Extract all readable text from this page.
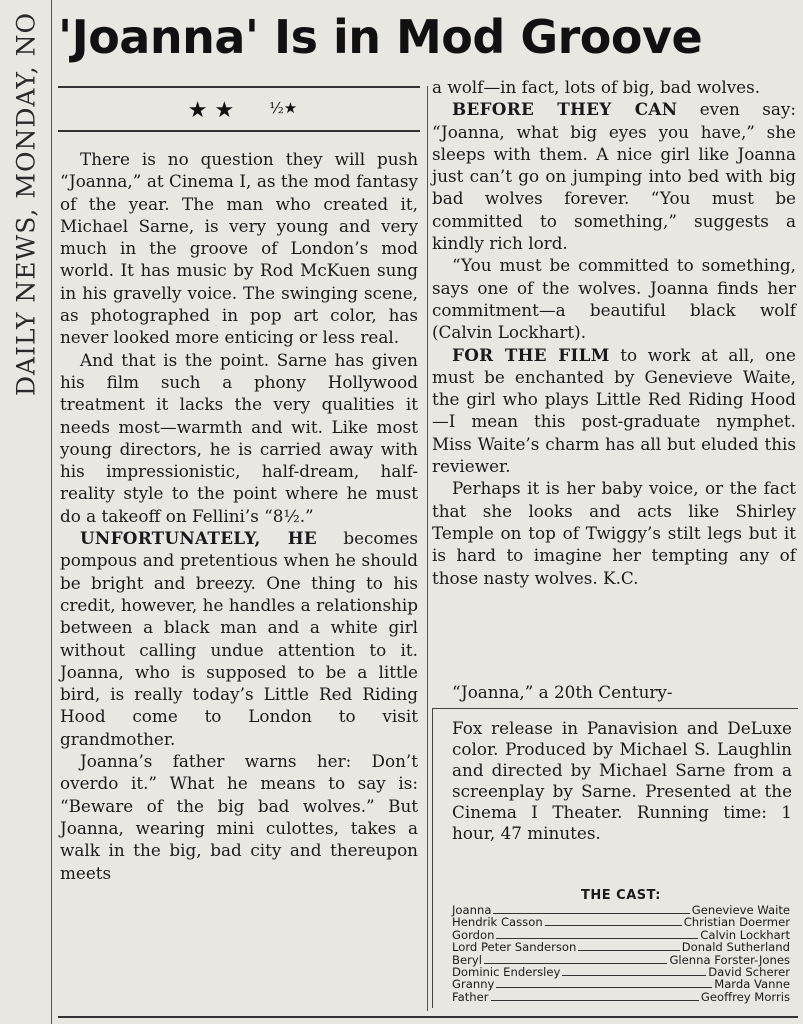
DAILY NEWS, MONDAY, NO 'Joanna' Is in Mod Groove
★ ★ ½★

There is no question they will push “Joanna,” at Cinema I, as the mod fantasy of the year. The man who created it, Michael Sarne, is very young and very much in the groove of London’s mod world. It has music by Rod McKuen sung in his gravelly voice. The swinging scene, as photographed in pop art color, has never looked more enticing or less real.

And that is the point. Sarne has given his film such a phony Hollywood treatment it lacks the very qualities it needs most—warmth and wit. Like most young directors, he is carried away with his impressionistic, half-dream, half-reality style to the point where he must do a takeoff on Fellini’s “8½.”

UNFORTUNATELY, HE becomes pompous and pretentious when he should be bright and breezy. One thing to his credit, however, he handles a relationship between a black man and a white girl without calling undue attention to it. Joanna, who is supposed to be a little bird, is really today’s Little Red Riding Hood come to London to visit grandmother.

Joanna’s father warns her: Don’t overdo it.” What he means to say is: “Beware of the big bad wolves.” But Joanna, wearing mini culottes, takes a walk in the big, bad city and thereupon meets

a wolf—in fact, lots of big, bad wolves.

BEFORE THEY CAN even say: “Joanna, what big eyes you have,” she sleeps with them. A nice girl like Joanna just can’t go on jumping into bed with big bad wolves forever. “You must be committed to something,” suggests a kindly rich lord.

“You must be committed to something, says one of the wolves. Joanna finds her commitment—a beautiful black wolf (Calvin Lockhart).

FOR THE FILM to work at all, one must be enchanted by Genevieve Waite, the girl who plays Little Red Riding Hood—I mean this post-graduate nymphet. Miss Waite’s charm has all but eluded this reviewer.

Perhaps it is her baby voice, or the fact that she looks and acts like Shirley Temple on top of Twiggy’s stilt legs but it is hard to imagine her tempting any of those nasty wolves. K.C.

“Joanna,” a 20th Century-

Fox release in Panavision and DeLuxe color. Produced by Michael S. Laughlin and directed by Michael Sarne from a screenplay by Sarne. Presented at the Cinema I Theater. Running time: 1 hour, 47 minutes.

THE CAST:
Joanna	Genevieve Waite
Hendrik Casson	Christian Doermer
Gordon	Calvin Lockhart
Lord Peter Sanderson	Donald Sutherland
Beryl	Glenna Forster-Jones
Dominic Endersley	David Scherer
Granny	Marda Vanne
Father	Geoffrey Morris
